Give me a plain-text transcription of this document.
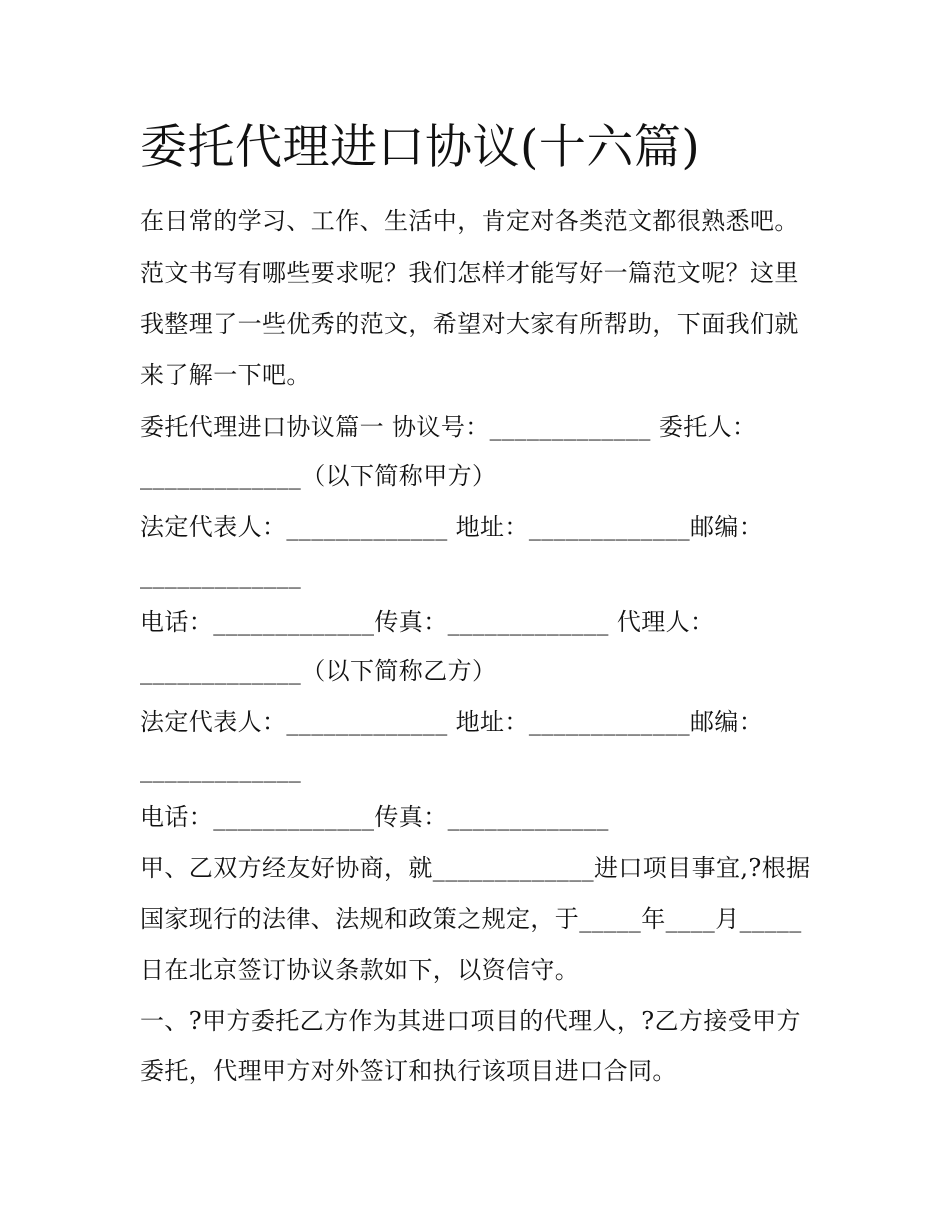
委托代理进口协议(十六篇)

在日常的学习、工作、生活中，肯定对各类范文都很熟悉吧。

范文书写有哪些要求呢？我们怎样才能写好一篇范文呢？这里

我整理了一些优秀的范文，希望对大家有所帮助，下面我们就

来了解一下吧。

委托代理进口协议篇一 协议号：_____________ 委托人：

_____________（以下简称甲方）

法定代表人：_____________ 地址：_____________邮编：

_____________

电话：_____________传真：_____________ 代理人：

_____________（以下简称乙方）

法定代表人：_____________ 地址：_____________邮编：

_____________

电话：_____________传真：_____________

甲、乙双方经友好协商，就_____________进口项目事宜,?根据

国家现行的法律、法规和政策之规定，于_____年____月_____

日在北京签订协议条款如下，以资信守。

一、?甲方委托乙方作为其进口项目的代理人，?乙方接受甲方

委托，代理甲方对外签订和执行该项目进口合同。
